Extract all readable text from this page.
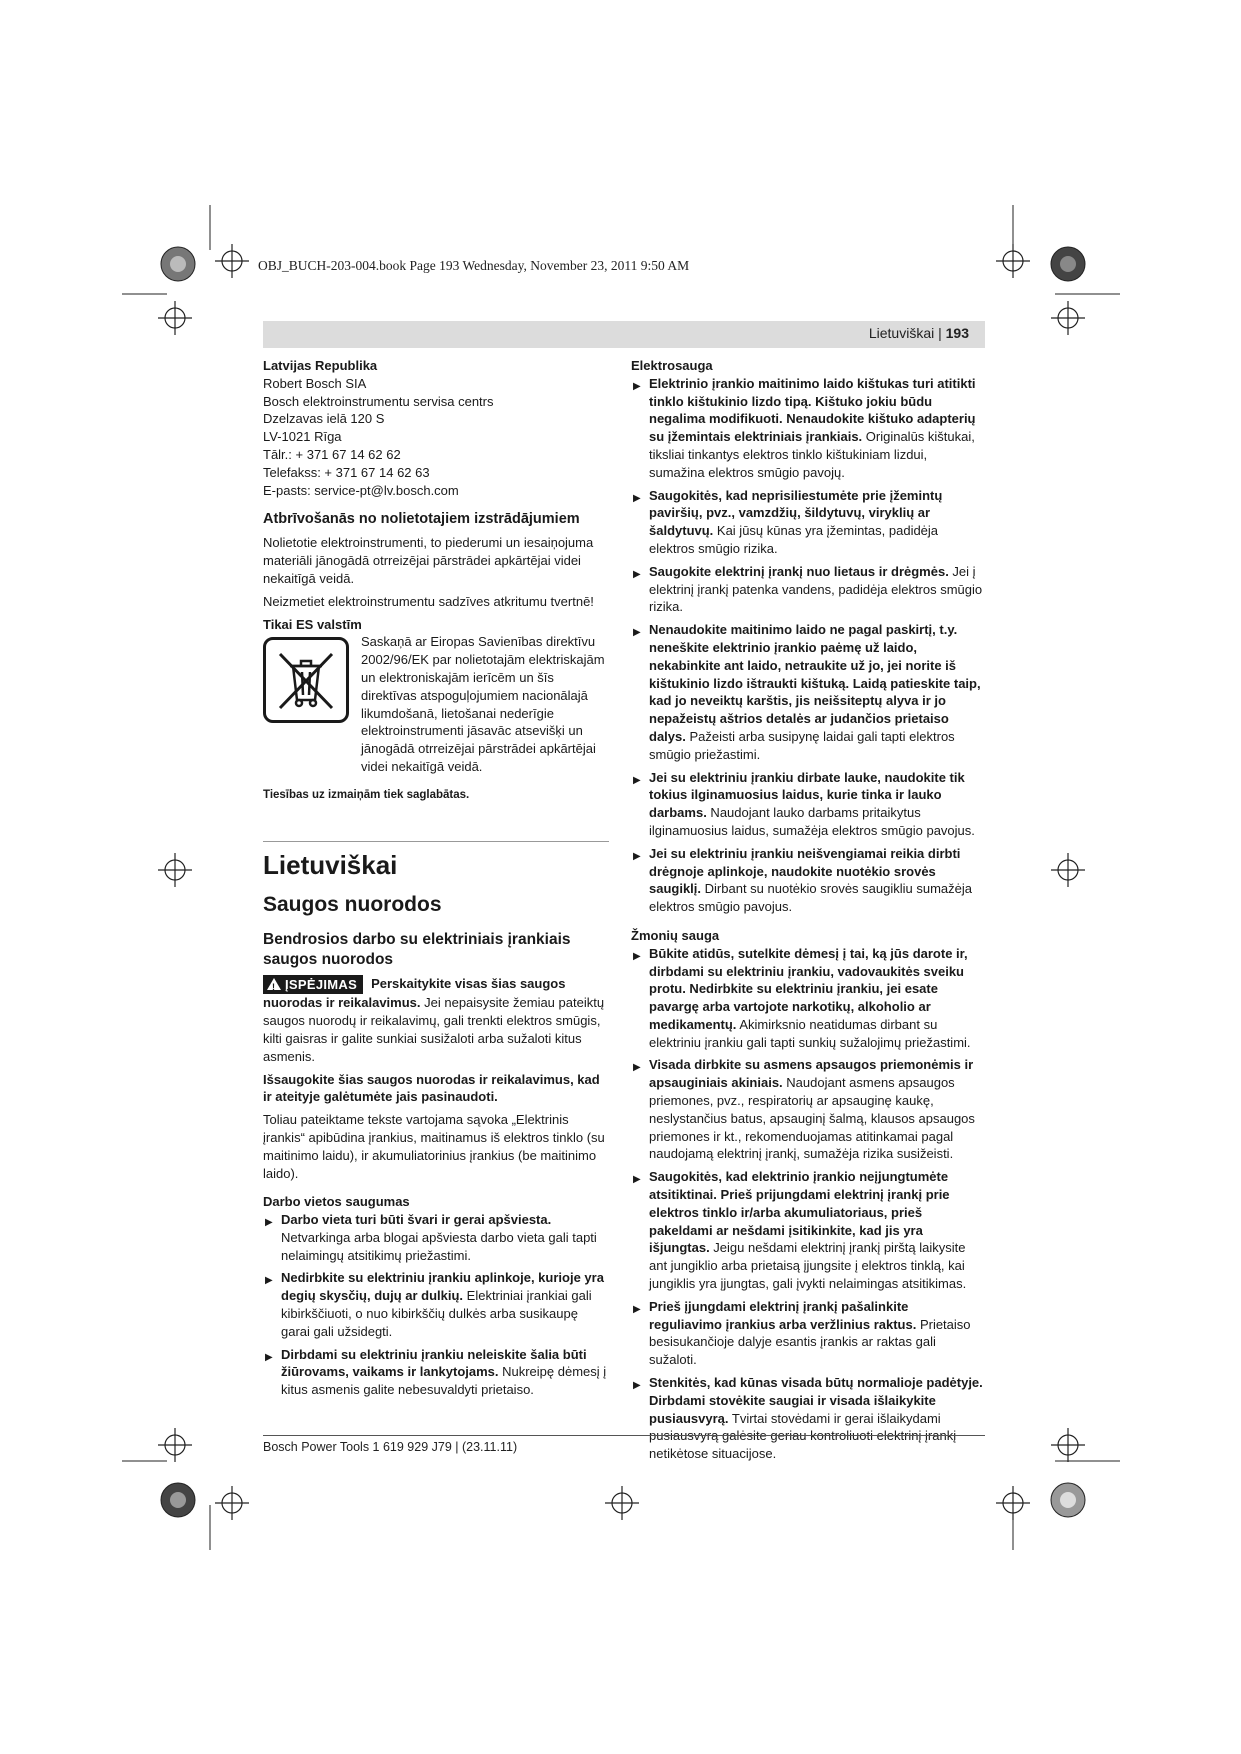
OBJ_BUCH-203-004.book Page 193 Wednesday, November 23, 2011 9:50 AM
Lietuviškai | 193

Latvijas Republika

Robert Bosch SIA

Bosch elektroinstrumentu servisa centrs

Dzelzavas ielā 120 S

LV-1021 Rīga

Tālr.: + 371 67 14 62 62

Telefakss: + 371 67 14 62 63

E-pasts: service-pt@lv.bosch.com

Atbrīvošanās no nolietotajiem izstrādājumiem

Nolietotie elektroinstrumenti, to piederumi un iesaiņojuma materiāli jānogādā otrreizējai pārstrādei apkārtējai videi nekaitīgā veidā.

Neizmetiet elektroinstrumentu sadzīves atkritumu tvertnē!

Tikai ES valstīm

Saskaņā ar Eiropas Savienības direktīvu 2002/96/EK par nolietotajām elektriskajām un elektroniskajām ierīcēm un šīs direktīvas atspoguļojumiem nacionālajā likumdošanā, lietošanai nederīgie elektroinstrumenti jāsavāc atsevišķi un jānogādā otrreizējai pārstrādei apkārtējai videi nekaitīgā veidā.

Tiesības uz izmaiņām tiek saglabātas.

Lietuviškai

Saugos nuorodos

Bendrosios darbo su elektriniais įrankiais saugos nuorodos

! ĮSPĖJIMAS Perskaitykite visas šias saugos nuorodas ir reikalavimus. Jei nepaisysite žemiau pateiktų saugos nuorodų ir reikalavimų, gali trenkti elektros smūgis, kilti gaisras ir galite sunkiai susižaloti arba sužaloti kitus asmenis.

Išsaugokite šias saugos nuorodas ir reikalavimus, kad ir ateityje galėtumėte jais pasinaudoti.

Toliau pateiktame tekste vartojama sąvoka „Elektrinis įrankis“ apibūdina įrankius, maitinamus iš elektros tinklo (su maitinimo laidu), ir akumuliatorinius įrankius (be maitinimo laido).

Darbo vietos saugumas

▶ Darbo vieta turi būti švari ir gerai apšviesta. Netvarkinga arba blogai apšviesta darbo vieta gali tapti nelaimingų atsitikimų priežastimi.
▶ Nedirbkite su elektriniu įrankiu aplinkoje, kurioje yra degių skysčių, dujų ar dulkių. Elektriniai įrankiai gali kibirkščiuoti, o nuo kibirkščių dulkės arba susikaupę garai gali užsidegti.
▶ Dirbdami su elektriniu įrankiu neleiskite šalia būti žiūrovams, vaikams ir lankytojams. Nukreipę dėmesį į kitus asmenis galite nebesuvaldyti prietaiso.

Elektrosauga

▶ Elektrinio įrankio maitinimo laido kištukas turi atitikti tinklo kištukinio lizdo tipą. Kištuko jokiu būdu negalima modifikuoti. Nenaudokite kištuko adapterių su įžemintais elektriniais įrankiais. Originalūs kištukai, tiksliai tinkantys elektros tinklo kištukiniam lizdui, sumažina elektros smūgio pavojų.
▶ Saugokitės, kad neprisiliestumėte prie įžemintų paviršių, pvz., vamzdžių, šildytuvų, viryklių ar šaldytuvų. Kai jūsų kūnas yra įžemintas, padidėja elektros smūgio rizika.
▶ Saugokite elektrinį įrankį nuo lietaus ir drėgmės. Jei į elektrinį įrankį patenka vandens, padidėja elektros smūgio rizika.
▶ Nenaudokite maitinimo laido ne pagal paskirtį, t.y. neneškite elektrinio įrankio paėmę už laido, nekabinkite ant laido, netraukite už jo, jei norite iš kištukinio lizdo ištraukti kištuką. Laidą patieskite taip, kad jo neveiktų karštis, jis neišsiteptų alyva ir jo nepažeistų aštrios detalės ar judančios prietaiso dalys. Pažeisti arba susipynę laidai gali tapti elektros smūgio priežastimi.
▶ Jei su elektriniu įrankiu dirbate lauke, naudokite tik tokius ilginamuosius laidus, kurie tinka ir lauko darbams. Naudojant lauko darbams pritaikytus ilginamuosius laidus, sumažėja elektros smūgio pavojus.
▶ Jei su elektriniu įrankiu neišvengiamai reikia dirbti drėgnoje aplinkoje, naudokite nuotėkio srovės saugiklį. Dirbant su nuotėkio srovės saugikliu sumažėja elektros smūgio pavojus.

Žmonių sauga

▶ Būkite atidūs, sutelkite dėmesį į tai, ką jūs darote ir, dirbdami su elektriniu įrankiu, vadovaukitės sveiku protu. Nedirbkite su elektriniu įrankiu, jei esate pavargę arba vartojote narkotikų, alkoholio ar medikamentų. Akimirksnio neatidumas dirbant su elektriniu įrankiu gali tapti sunkių sužalojimų priežastimi.
▶ Visada dirbkite su asmens apsaugos priemonėmis ir apsauginiais akiniais. Naudojant asmens apsaugos priemones, pvz., respiratorių ar apsauginę kaukę, neslystančius batus, apsauginį šalmą, klausos apsaugos priemones ir kt., rekomenduojamas atitinkamai pagal naudojamą elektrinį įrankį, sumažėja rizika susižeisti.
▶ Saugokitės, kad elektrinio įrankio neįjungtumėte atsitiktinai. Prieš prijungdami elektrinį įrankį prie elektros tinklo ir/arba akumuliatoriaus, prieš pakeldami ar nešdami įsitikinkite, kad jis yra išjungtas. Jeigu nešdami elektrinį įrankį pirštą laikysite ant jungiklio arba prietaisą įjungsite į elektros tinklą, kai jungiklis yra įjungtas, gali įvykti nelaimingas atsitikimas.
▶ Prieš įjungdami elektrinį įrankį pašalinkite reguliavimo įrankius arba veržlinius raktus. Prietaiso besisukančioje dalyje esantis įrankis ar raktas gali sužaloti.
▶ Stenkitės, kad kūnas visada būtų normalioje padėtyje. Dirbdami stovėkite saugiai ir visada išlaikykite pusiausvyrą. Tvirtai stovėdami ir gerai išlaikydami netikėtose situacijose.
Bosch Power Tools 1 619 929 J79 | (23.11.11)
